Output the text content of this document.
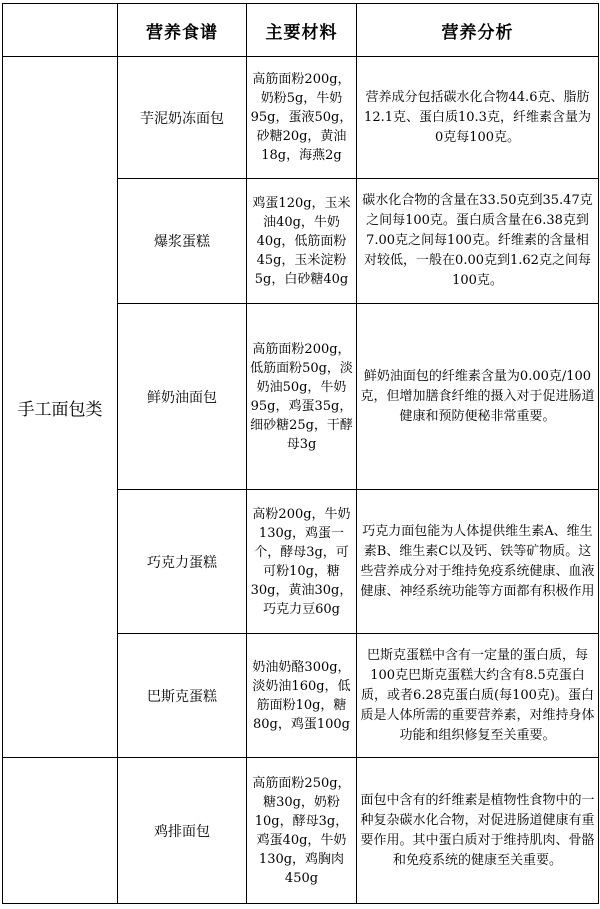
	营养食谱	主要材料	营养分析
手工面包类	芋泥奶冻面包	高筋面粉200g，奶粉5g，牛奶95g，蛋液50g，砂糖20g，黄油18g，海燕2g	营养成分包括碳水化合物44.6克、脂肪12.1克、蛋白质10.3克，纤维素含量为0克每100克。
	爆浆蛋糕	鸡蛋120g，玉米油40g，牛奶40g，低筋面粉45g，玉米淀粉5g，白砂糖40g	碳水化合物的含量在33.50克到35.47克之间每100克。蛋白质含量在6.38克到7.00克之间每100克。纤维素的含量相对较低，一般在0.00克到1.62克之间每100克。
	鲜奶油面包	高筋面粉200g，低筋面粉50g，淡奶油50g，牛奶95g，鸡蛋35g，细砂糖25g，干酵母3g	鲜奶油面包的纤维素含量为0.00克/100克，但增加膳食纤维的摄入对于促进肠道健康和预防便秘非常重要。
	巧克力蛋糕	高粉200g，牛奶130g，鸡蛋一个，酵母3g，可可粉10g，糖30g，黄油30g，巧克力豆60g	巧克力面包能为人体提供维生素A、维生素B、维生素C以及钙、铁等矿物质。这些营养成分对于维持免疫系统健康、血液健康、神经系统功能等方面都有积极作用
	巴斯克蛋糕	奶油奶酪300g，淡奶油160g，低筋面粉10g，糖80g，鸡蛋100g	巴斯克蛋糕中含有一定量的蛋白质，每100克巴斯克蛋糕大约含有8.5克蛋白质，或者6.28克蛋白质(每100克)。蛋白质是人体所需的重要营养素，对维持身体功能和组织修复至关重要。
	鸡排面包	高筋面粉250g，糖30g，奶粉10g，酵母3g，鸡蛋40g，牛奶130g，鸡胸肉450g	面包中含有的纤维素是植物性食物中的一种复杂碳水化合物，对促进肠道健康有重要作用。其中蛋白质对于维持肌肉、骨骼和免疫系统的健康至关重要。
